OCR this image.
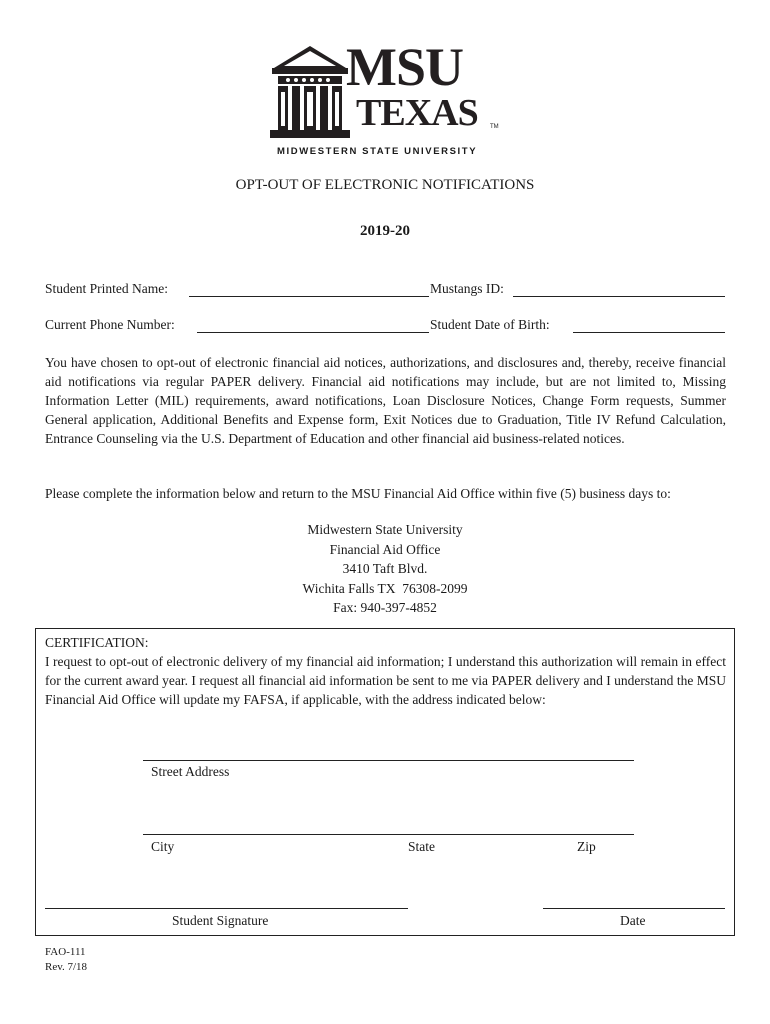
MSU
TEXAS TM
MIDWESTERN STATE UNIVERSITY
OPT-OUT OF ELECTRONIC NOTIFICATIONS
2019-20
Student Printed Name:	Mustangs ID:
Current Phone Number:	Student Date of Birth:
You have chosen to opt-out of electronic financial aid notices, authorizations, and disclosures and, thereby, receive financial aid notifications via regular PAPER delivery. Financial aid notifications may include, but are not limited to, Missing Information Letter (MIL) requirements, award notifications, Loan Disclosure Notices, Change Form requests, Summer General application, Additional Benefits and Expense form, Exit Notices due to Graduation, Title IV Refund Calculation, Entrance Counseling via the U.S. Department of Education and other financial aid business-related notices.
Please complete the information below and return to the MSU Financial Aid Office within five (5) business days to:
Midwestern State University
Financial Aid Office
3410 Taft Blvd.
Wichita Falls TX  76308-2099
Fax: 940-397-4852
CERTIFICATION:
I request to opt-out of electronic delivery of my financial aid information; I understand this authorization will remain in effect for the current award year. I request all financial aid information be sent to me via PAPER delivery and I understand the MSU Financial Aid Office will update my FAFSA, if applicable, with the address indicated below:
Street Address
City	State	Zip
Student Signature	Date
FAO-111
Rev. 7/18
